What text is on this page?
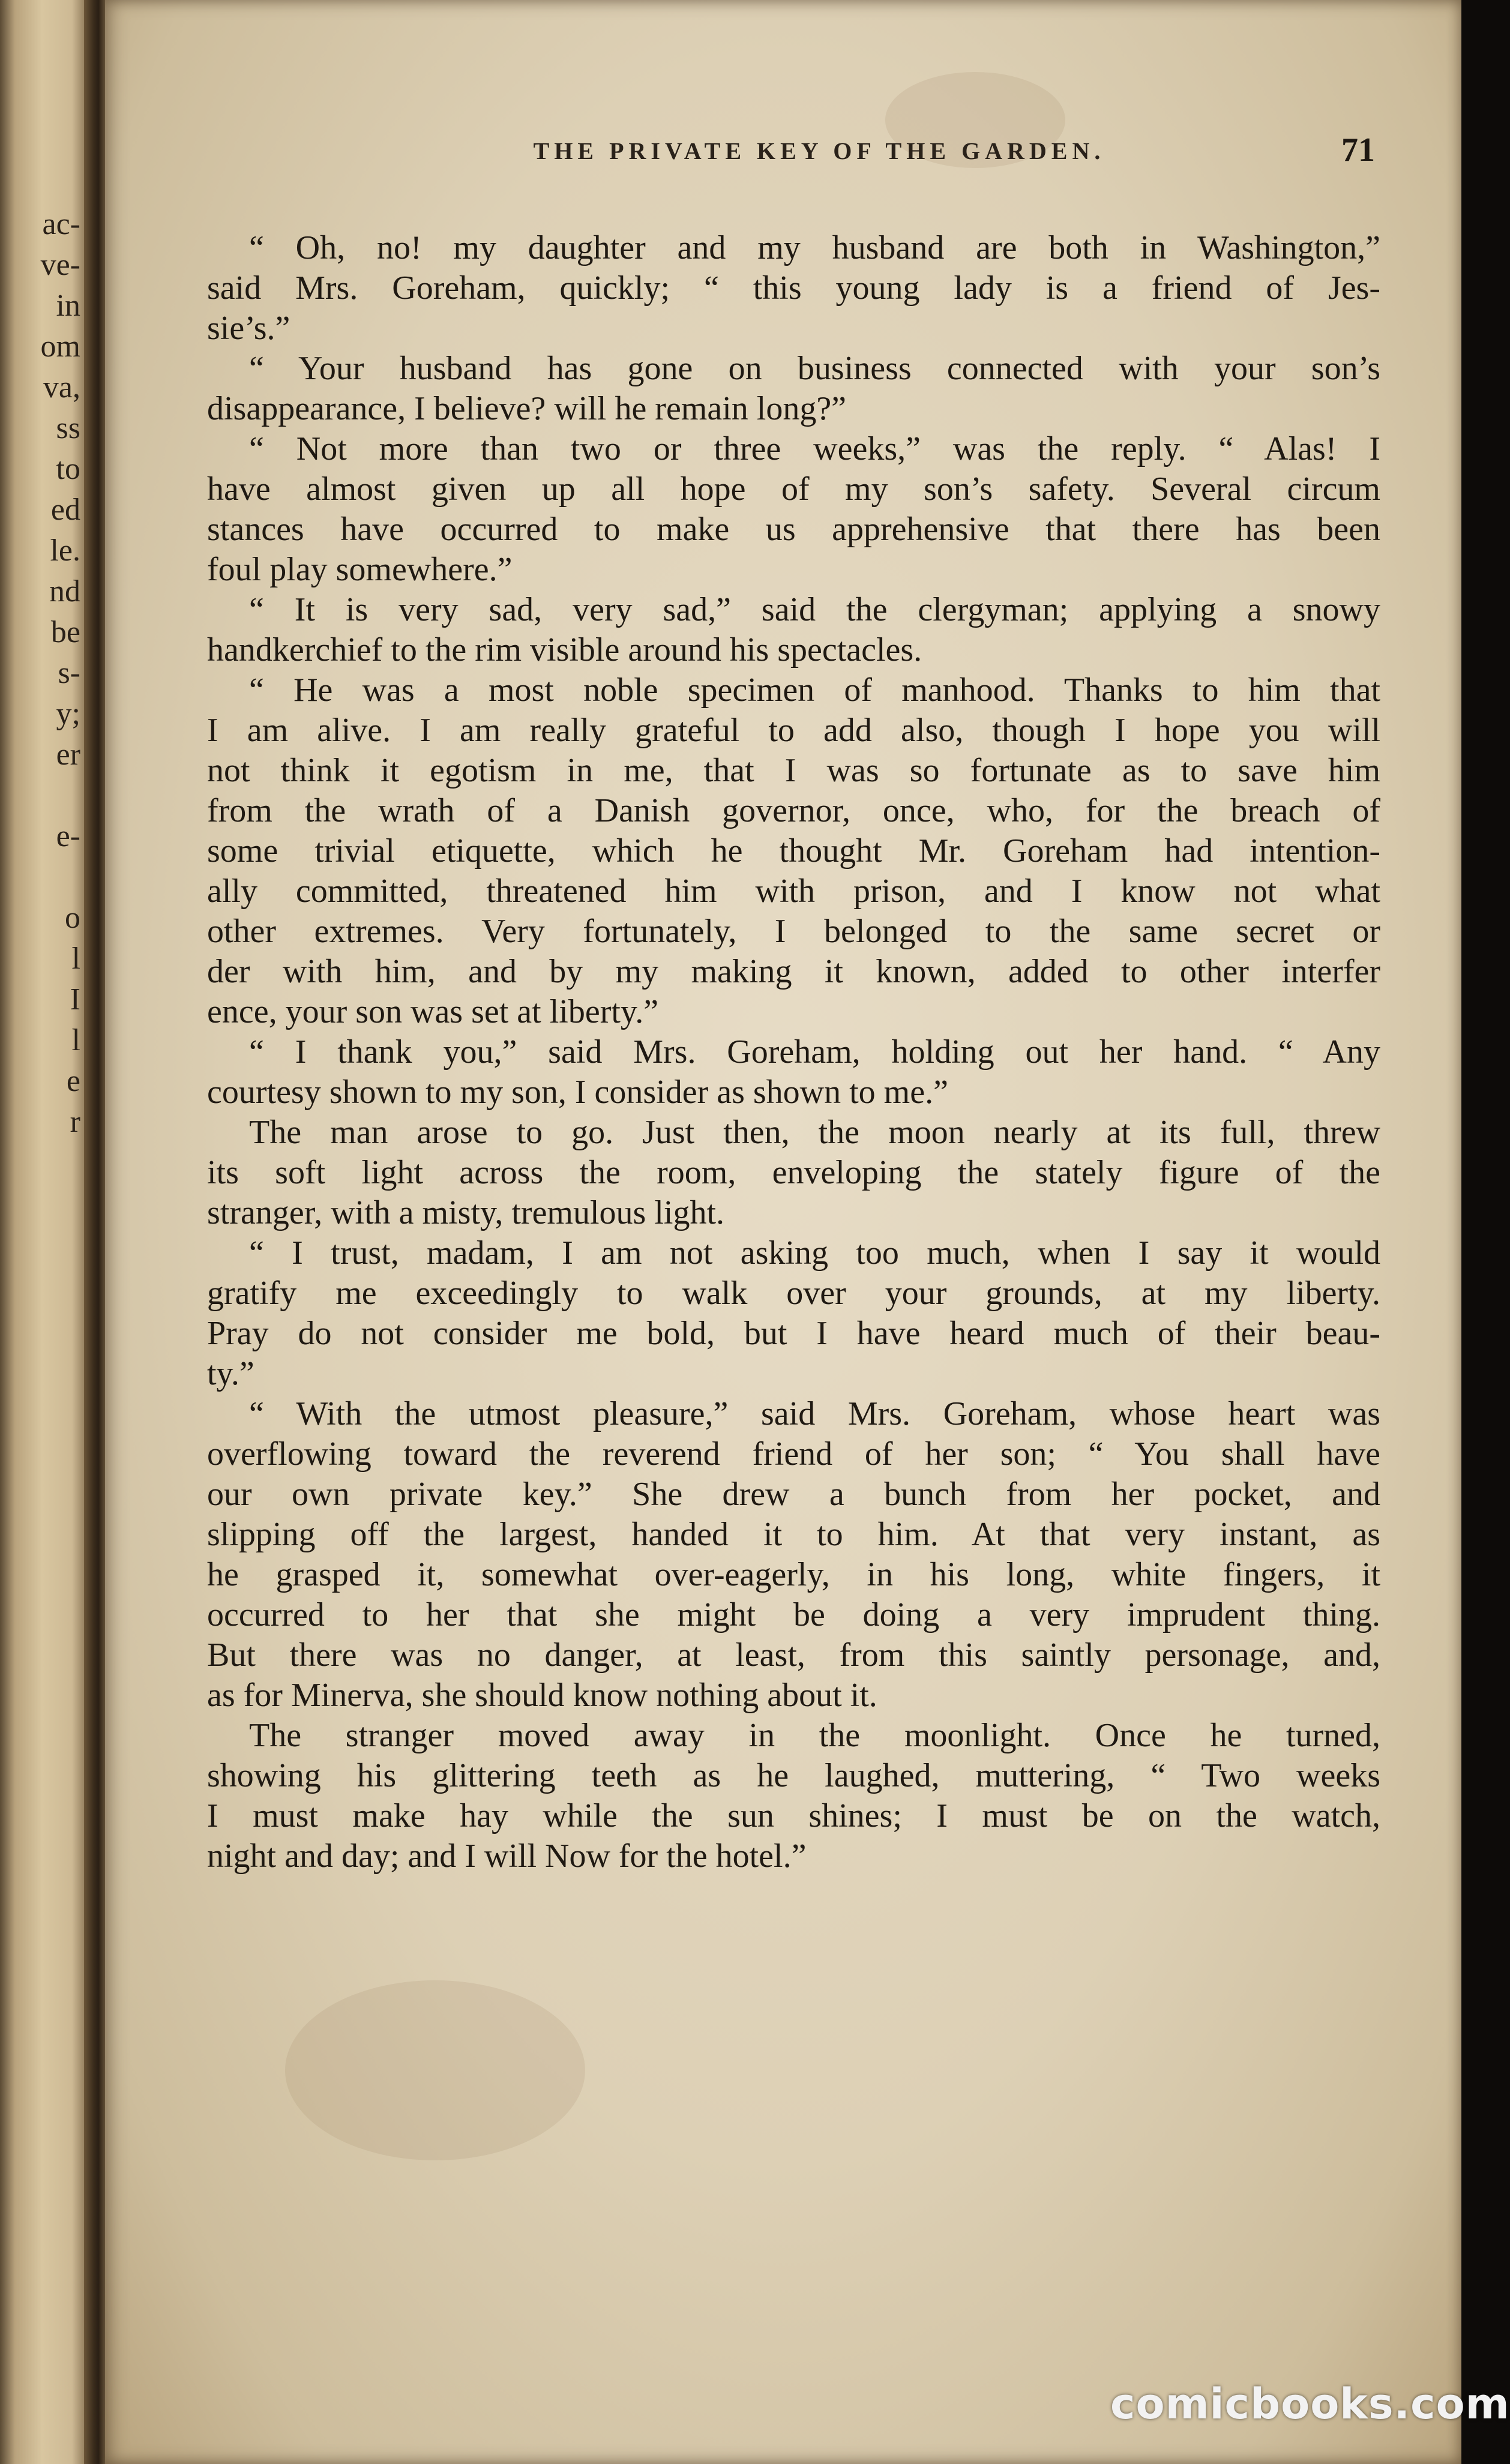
ac-
ve-
in
om
va,
ss
to
ed
le.
nd
be
s-
y;
er
e-
o
l
I
l
e
r
THE PRIVATE KEY OF THE GARDEN.	71
“ Oh, no! my daughter and my husband are both in Washington,”
said Mrs. Goreham, quickly; “ this young lady is a friend of Jes-
sie’s.”
“ Your husband has gone on business connected with your son’s
disappearance, I believe? will he remain long?”
“ Not more than two or three weeks,” was the reply. “ Alas! I
have almost given up all hope of my son’s safety. Several circum
stances have occurred to make us apprehensive that there has been
foul play somewhere.”
“ It is very sad, very sad,” said the clergyman; applying a snowy
handkerchief to the rim visible around his spectacles.
“ He was a most noble specimen of manhood. Thanks to him that
I am alive. I am really grateful to add also, though I hope you will
not think it egotism in me, that I was so fortunate as to save him
from the wrath of a Danish governor, once, who, for the breach of
some trivial etiquette, which he thought Mr. Goreham had intention-
ally committed, threatened him with prison, and I know not what
other extremes. Very fortunately, I belonged to the same secret or
der with him, and by my making it known, added to other interfer
ence, your son was set at liberty.”
“ I thank you,” said Mrs. Goreham, holding out her hand. “ Any
courtesy shown to my son, I consider as shown to me.”
The man arose to go. Just then, the moon nearly at its full, threw
its soft light across the room, enveloping the stately figure of the
stranger, with a misty, tremulous light.
“ I trust, madam, I am not asking too much, when I say it would
gratify me exceedingly to walk over your grounds, at my liberty.
Pray do not consider me bold, but I have heard much of their beau-
ty.”
“ With the utmost pleasure,” said Mrs. Goreham, whose heart was
overflowing toward the reverend friend of her son; “ You shall have
our own private key.” She drew a bunch from her pocket, and
slipping off the largest, handed it to him. At that very instant, as
he grasped it, somewhat over-eagerly, in his long, white fingers, it
occurred to her that she might be doing a very imprudent thing.
But there was no danger, at least, from this saintly personage, and,
as for Minerva, she should know nothing about it.
The stranger moved away in the moonlight. Once he turned,
showing his glittering teeth as he laughed, muttering, “ Two weeks
I must make hay while the sun shines; I must be on the watch,
night and day; and I will Now for the hotel.”
comicbooks.com
